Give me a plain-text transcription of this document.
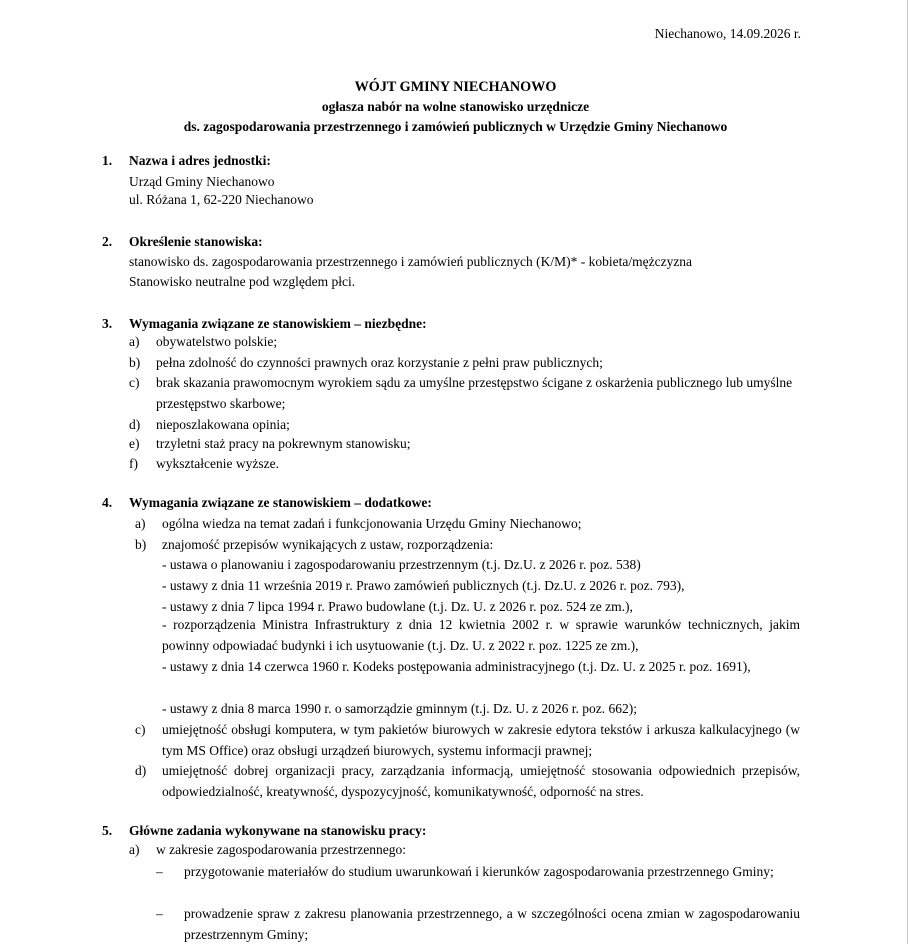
Niechanowo, 14.09.2026 r.
WÓJT GMINY NIECHANOWO
ogłasza nabór na wolne stanowisko urzędnicze
ds. zagospodarowania przestrzennego i zamówień publicznych w Urzędzie Gminy Niechanowo
1. Nazwa i adres jednostki:
Urząd Gminy Niechanowo
ul. Różana 1, 62-220 Niechanowo
2. Określenie stanowiska:
stanowisko ds. zagospodarowania przestrzennego i zamówień publicznych (K/M)* - kobieta/mężczyzna
Stanowisko neutralne pod względem płci.
3. Wymagania związane ze stanowiskiem – niezbędne:
a) obywatelstwo polskie;
b) pełna zdolność do czynności prawnych oraz korzystanie z pełni praw publicznych;
c) brak skazania prawomocnym wyrokiem sądu za umyślne przestępstwo ścigane z oskarżenia publicznego lub umyślne przestępstwo skarbowe;
d) nieposzlakowana opinia;
e) trzyletni staż pracy na pokrewnym stanowisku;
f) wykształcenie wyższe.
4. Wymagania związane ze stanowiskiem – dodatkowe:
a) ogólna wiedza na temat zadań i funkcjonowania Urzędu Gminy Niechanowo;
b) znajomość przepisów wynikających z ustaw, rozporządzenia:
- ustawa o planowaniu i zagospodarowaniu przestrzennym (t.j. Dz.U. z 2026 r. poz. 538)
- ustawy z dnia 11 września 2019 r. Prawo zamówień publicznych (t.j. Dz.U. z 2026 r. poz. 793),
- ustawy z dnia 7 lipca 1994 r. Prawo budowlane (t.j. Dz. U. z 2026 r. poz. 524 ze zm.),
- rozporządzenia Ministra Infrastruktury z dnia 12 kwietnia 2002 r. w sprawie warunków technicznych, jakim powinny odpowiadać budynki i ich usytuowanie (t.j. Dz. U. z 2022 r. poz. 1225 ze zm.),
- ustawy z dnia 14 czerwca 1960 r. Kodeks postępowania administracyjnego (t.j. Dz. U. z 2025 r. poz. 1691),
- ustawy z dnia 8 marca 1990 r. o samorządzie gminnym (t.j. Dz. U. z 2026 r. poz. 662);
c) umiejętność obsługi komputera, w tym pakietów biurowych w zakresie edytora tekstów i arkusza kalkulacyjnego (w tym MS Office) oraz obsługi urządzeń biurowych, systemu informacji prawnej;
d) umiejętność dobrej organizacji pracy, zarządzania informacją, umiejętność stosowania odpowiednich przepisów, odpowiedzialność, kreatywność, dyspozycyjność, komunikatywność, odporność na stres.
5. Główne zadania wykonywane na stanowisku pracy:
a) w zakresie zagospodarowania przestrzennego:
– przygotowanie materiałów do studium uwarunkowań i kierunków zagospodarowania przestrzennego Gminy;
– prowadzenie spraw z zakresu planowania przestrzennego, a w szczególności ocena zmian w zagospodarowaniu przestrzennym Gminy;
